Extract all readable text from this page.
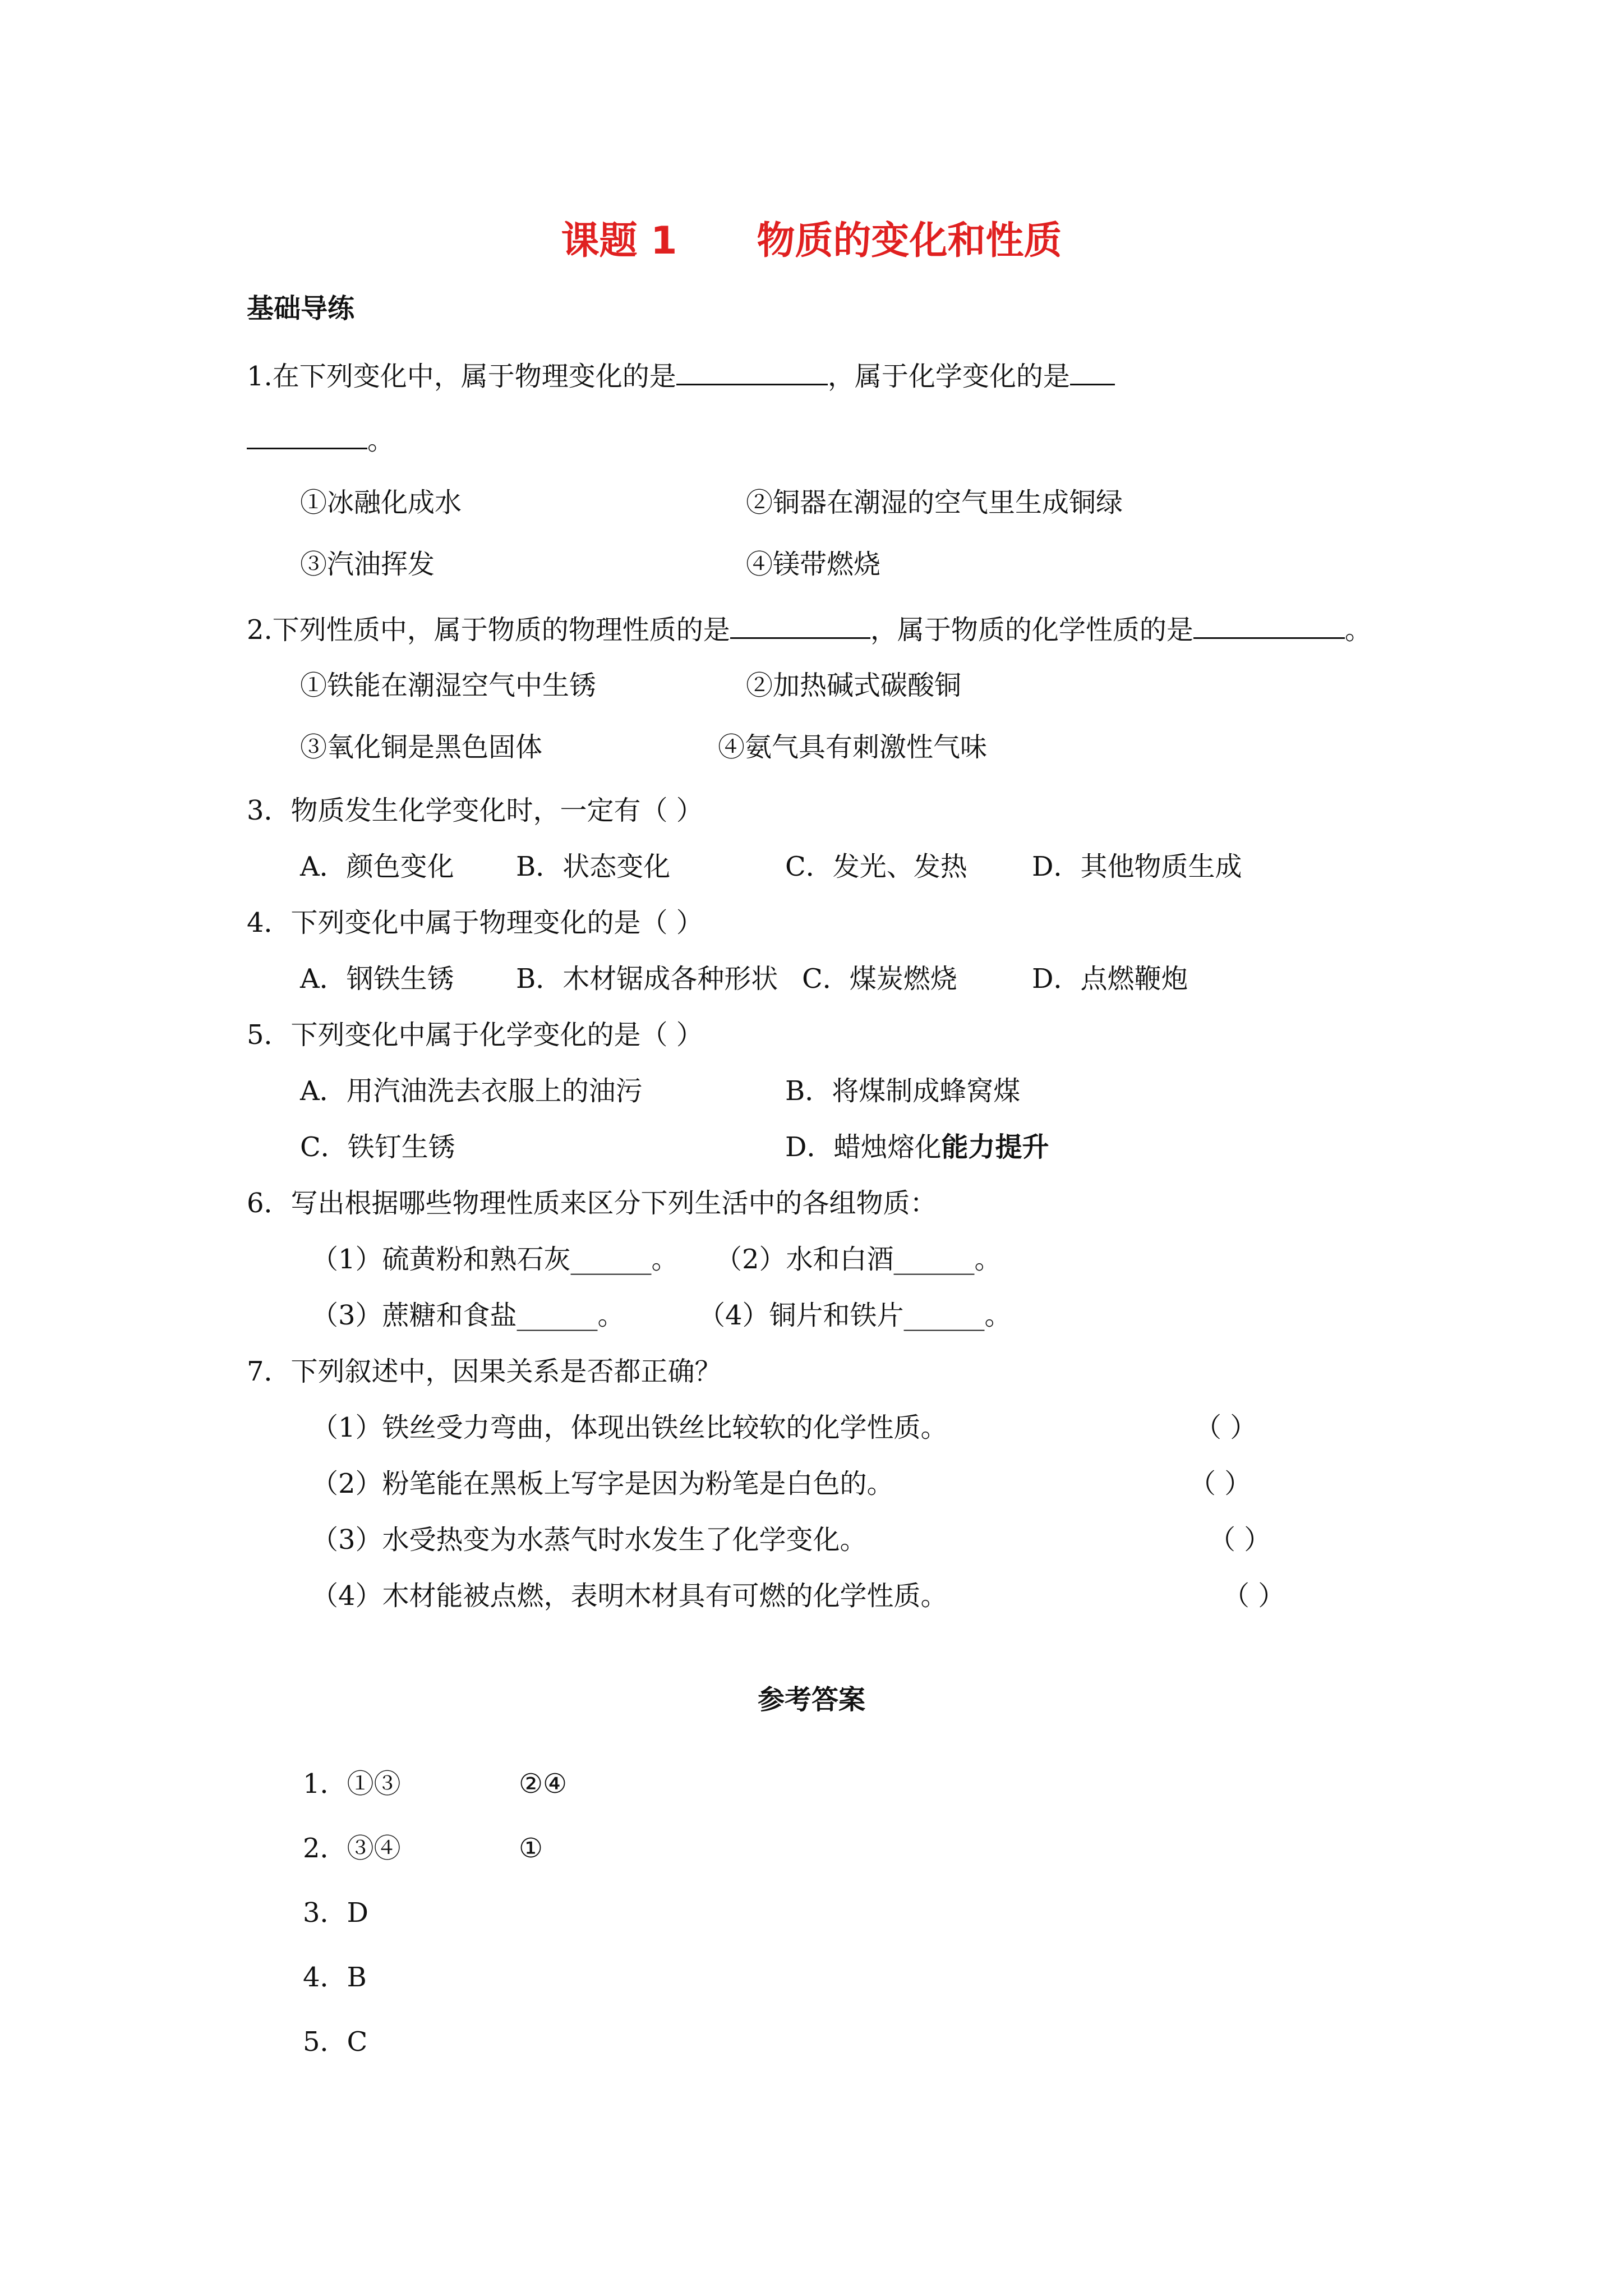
课题 1      物质的变化和性质
基础导练
1.在下列变化中，属于物理变化的是	，属于化学变化的是
。
①冰融化成水	②铜器在潮湿的空气里生成铜绿
③汽油挥发	④镁带燃烧
2.下列性质中，属于物质的物理性质的是	，属于物质的化学性质的是	。
①铁能在潮湿空气中生锈	②加热碱式碳酸铜
③氧化铜是黑色固体	④氨气具有刺激性气味
3．物质发生化学变化时，一定有（ ）
A．颜色变化 B．状态变化	C．发光、发热 D．其他物质生成
4．下列变化中属于物理变化的是（ ）
A．钢铁生锈 B．木材锯成各种形状 C．煤炭燃烧	D．点燃鞭炮
5．下列变化中属于化学变化的是（ ）
A．用汽油洗去衣服上的油污	B．将煤制成蜂窝煤
C．铁钉生锈	D．蜡烛熔化能力提升
6．写出根据哪些物理性质来区分下列生活中的各组物质：
（1）硫黄粉和熟石灰______。 （2）水和白酒______。
（3）蔗糖和食盐______。	（4）铜片和铁片______。
7．下列叙述中，因果关系是否都正确？
（1）铁丝受力弯曲，体现出铁丝比较软的化学性质。	（ ）
（2）粉笔能在黑板上写字是因为粉笔是白色的。	（ ）
（3）水受热变为水蒸气时水发生了化学变化。	（ ）
（4）木材能被点燃，表明木材具有可燃的化学性质。	（ ）
参考答案
1．①③	②④
2．③④	①
3．D
4．B
5．C
